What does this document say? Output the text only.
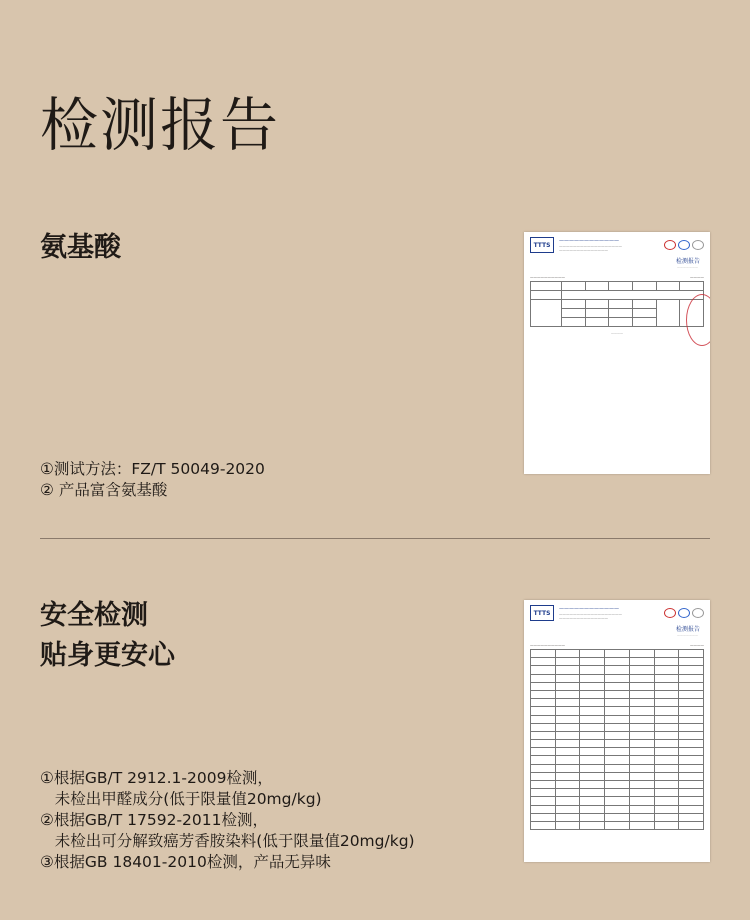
检测报告
氨基酸
①测试方法：FZ/T 50049-2020
② 产品富含氨基酸
安全检测
贴身更安心
①根据GB/T 2912.1-2009检测，
未检出甲醛成分(低于限量值20mg/kg)
②根据GB/T 17592-2011检测，
未检出可分解致癌芳香胺染料(低于限量值20mg/kg)
③根据GB 18401-2010检测，产品无异味
TTTS
————————————
——————————————————
——————————————
检测报告
———————
——————————	————

————
TTTS
————————————
——————————————————
——————————————
检测报告
———————
——————————	————
